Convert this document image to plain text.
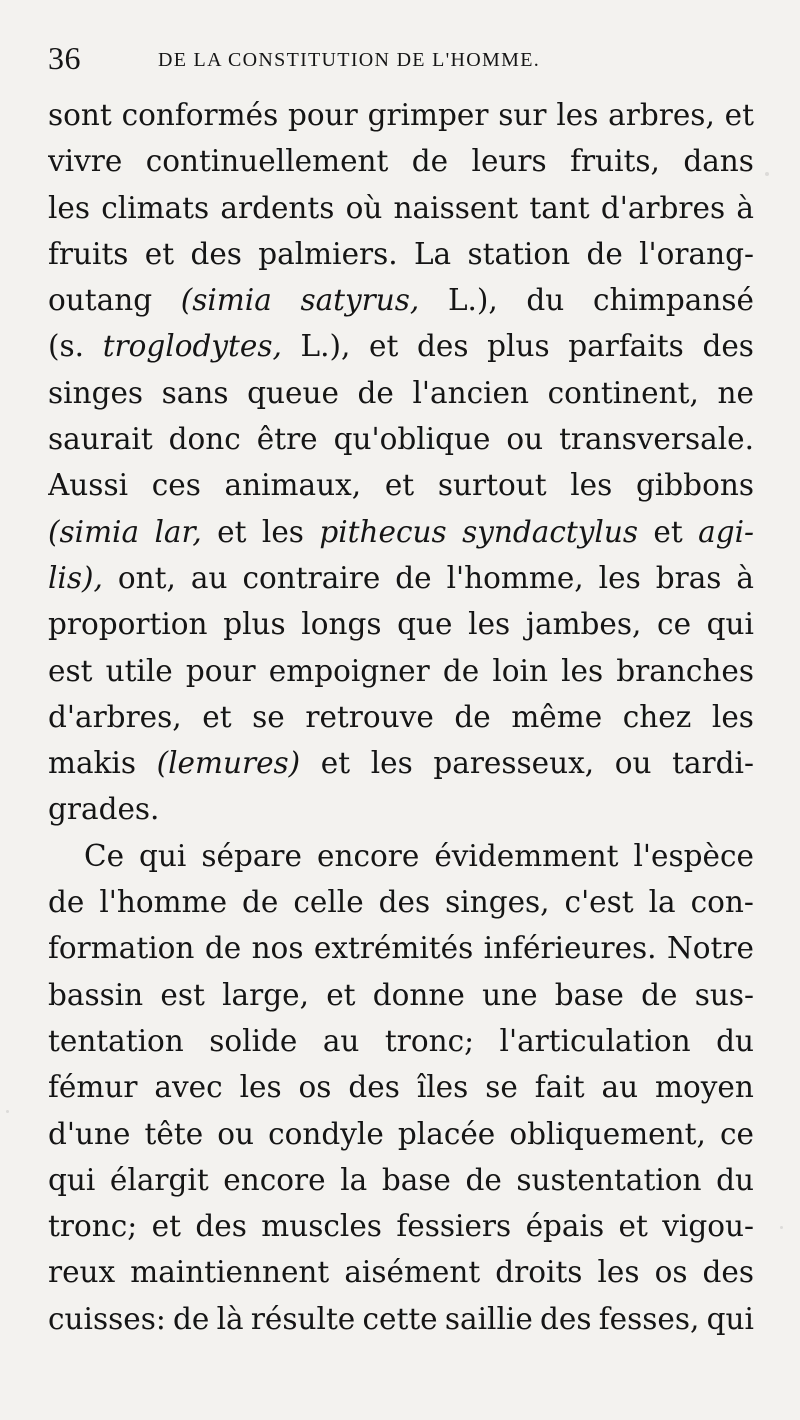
36	DE LA CONSTITUTION DE L'HOMME.
sont conformés pour grimper sur les arbres, et
vivre continuellement de leurs fruits, dans
les climats ardents où naissent tant d'arbres à
fruits et des palmiers. La station de l'orang-
outang (simia satyrus, L.), du chimpansé
(s. troglodytes, L.), et des plus parfaits des
singes sans queue de l'ancien continent, ne
saurait donc être qu'oblique ou transversale.
Aussi ces animaux, et surtout les gibbons
(simia lar, et les pithecus syndactylus et agi-
lis), ont, au contraire de l'homme, les bras à
proportion plus longs que les jambes, ce qui
est utile pour empoigner de loin les branches
d'arbres, et se retrouve de même chez les
makis (lemures) et les paresseux, ou tardi-
grades.
Ce qui sépare encore évidemment l'espèce
de l'homme de celle des singes, c'est la con-
formation de nos extrémités inférieures. Notre
bassin est large, et donne une base de sus-
tentation solide au tronc; l'articulation du
fémur avec les os des îles se fait au moyen
d'une tête ou condyle placée obliquement, ce
qui élargit encore la base de sustentation du
tronc; et des muscles fessiers épais et vigou-
reux maintiennent aisément droits les os des
cuisses: de là résulte cette saillie des fesses, qui
